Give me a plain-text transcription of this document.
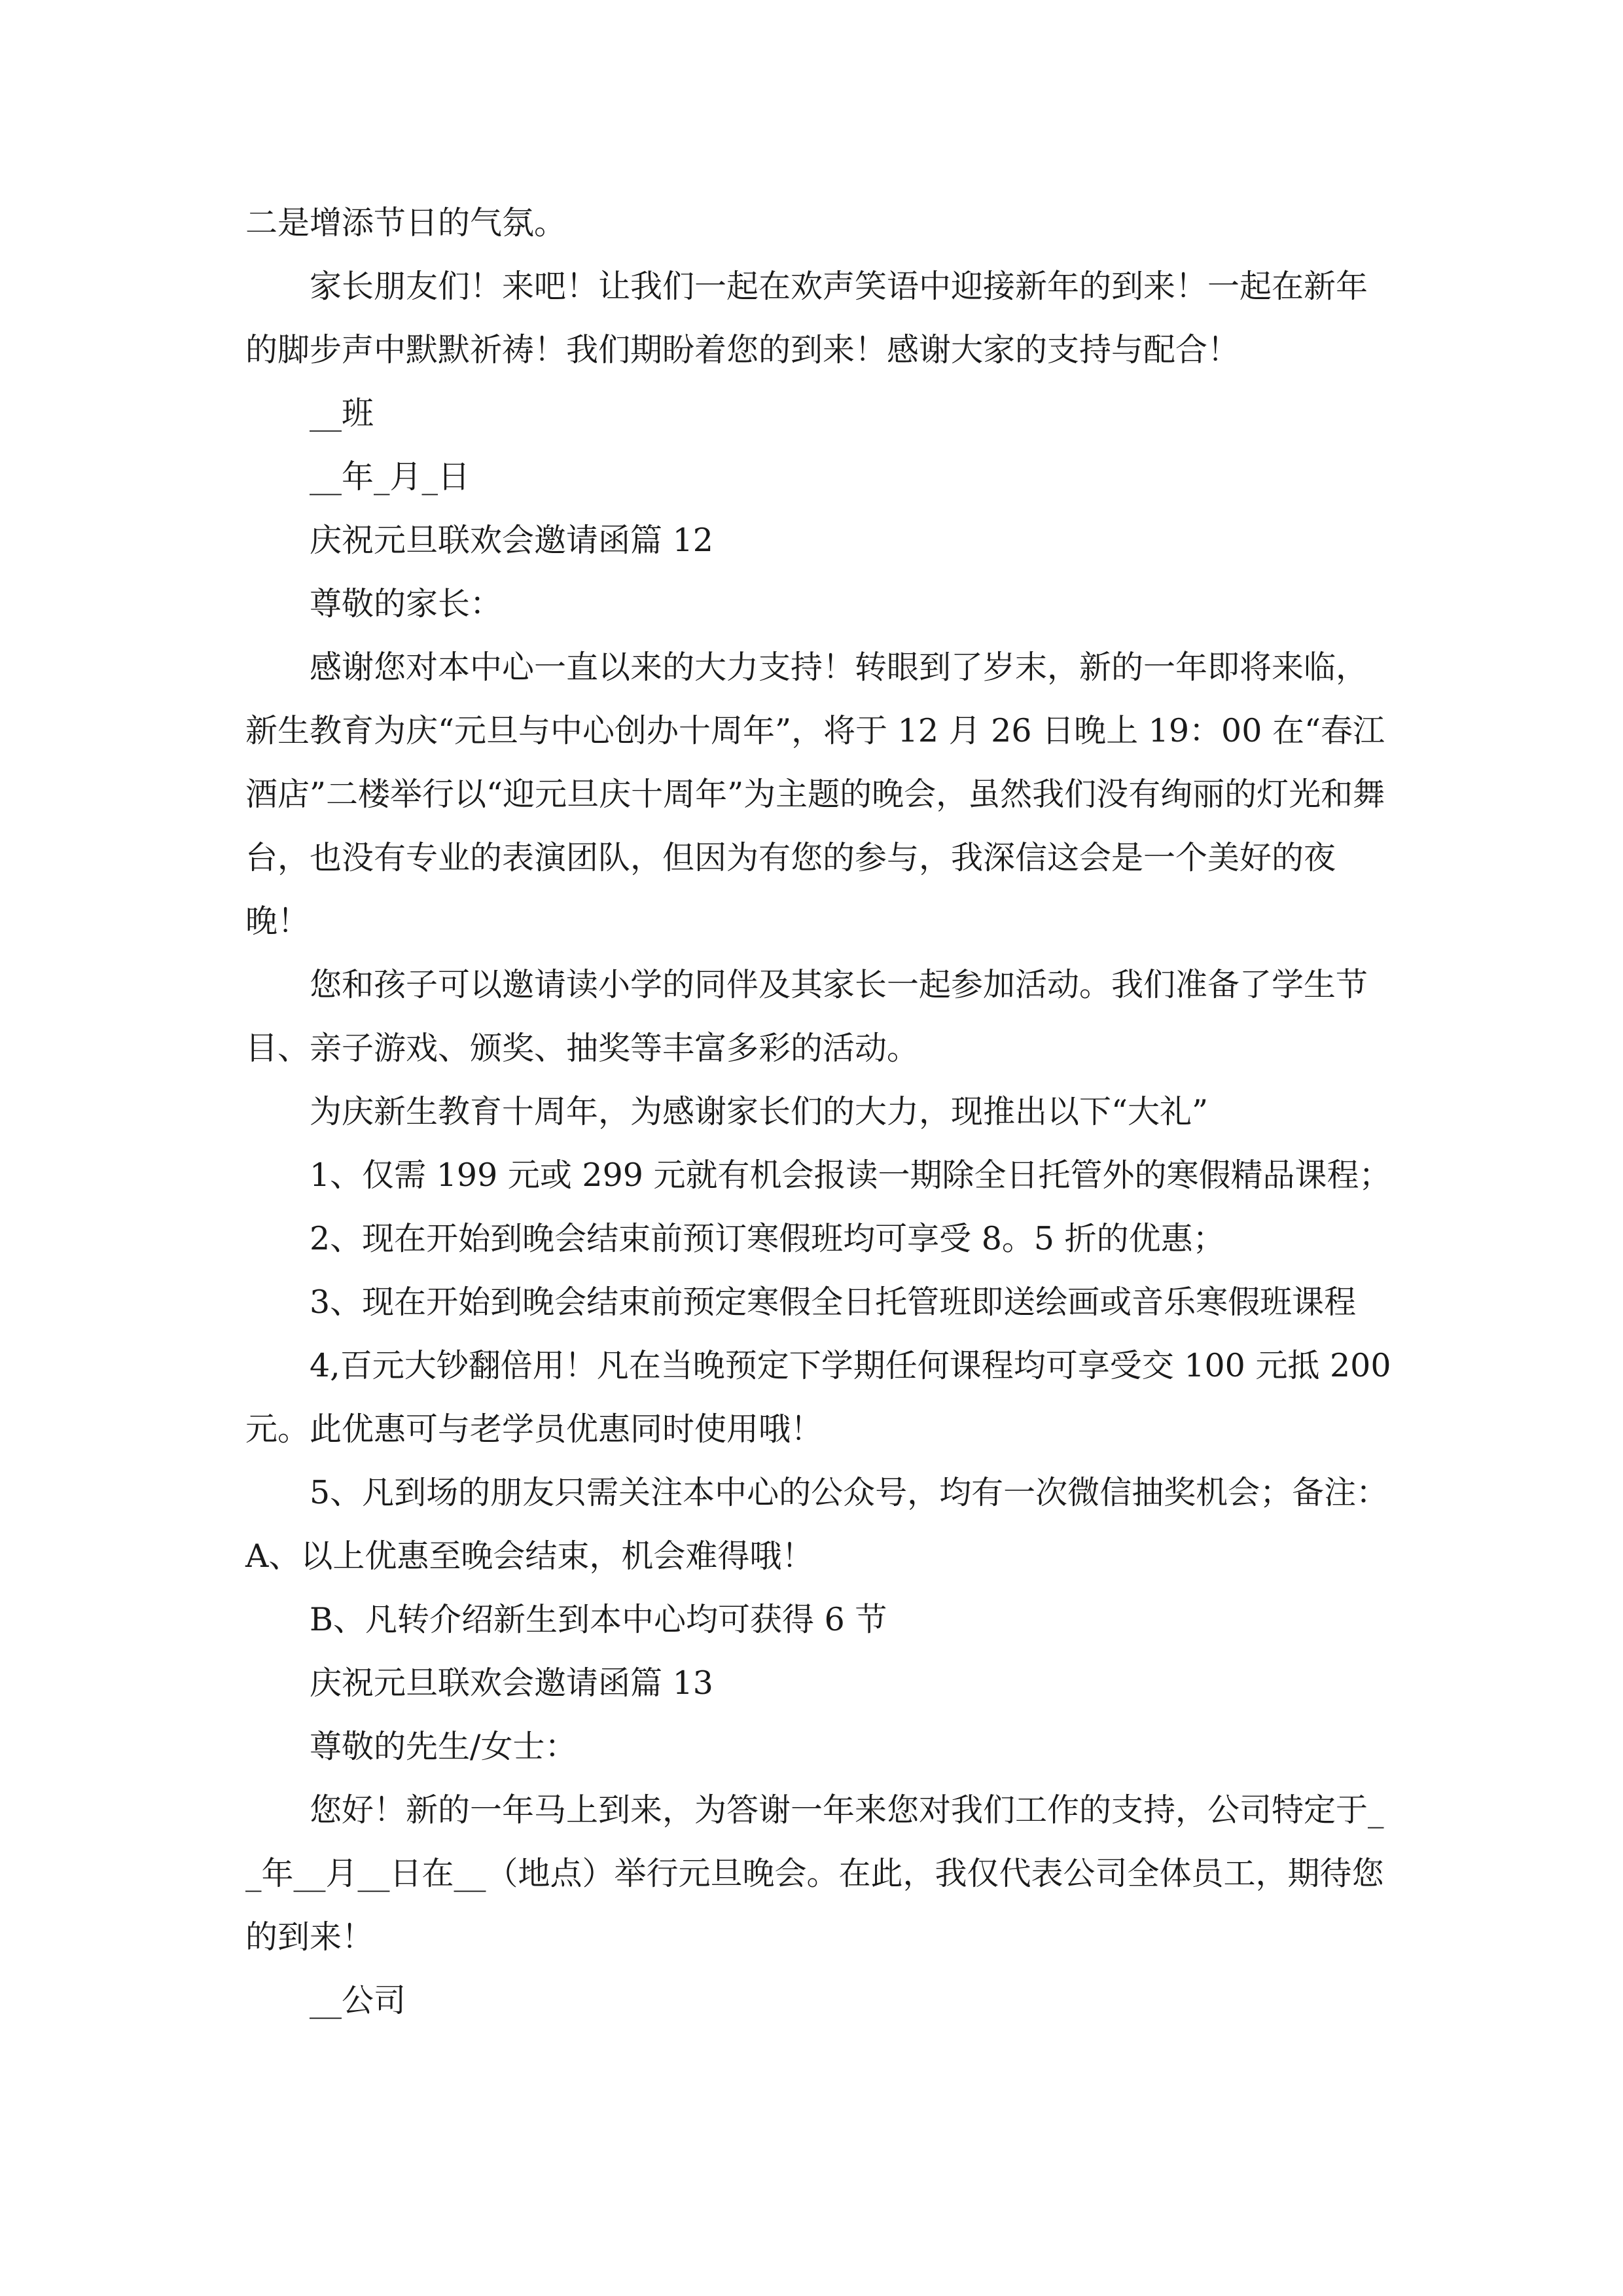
二是增添节日的气氛。

家长朋友们！来吧！让我们一起在欢声笑语中迎接新年的到来！一起在新年的脚步声中默默祈祷！我们期盼着您的到来！感谢大家的支持与配合！

__班

__年_月_日

庆祝元旦联欢会邀请函篇 12

尊敬的家长：

感谢您对本中心一直以来的大力支持！转眼到了岁末，新的一年即将来临，新生教育为庆“元旦与中心创办十周年”，将于 12 月 26 日晚上 19：00 在“春江酒店”二楼举行以“迎元旦庆十周年”为主题的晚会，虽然我们没有绚丽的灯光和舞台，也没有专业的表演团队，但因为有您的参与，我深信这会是一个美好的夜晚！

您和孩子可以邀请读小学的同伴及其家长一起参加活动。我们准备了学生节目、亲子游戏、颁奖、抽奖等丰富多彩的活动。

为庆新生教育十周年，为感谢家长们的大力，现推出以下“大礼”

1、仅需 199 元或 299 元就有机会报读一期除全日托管外的寒假精品课程；

2、现在开始到晚会结束前预订寒假班均可享受 8。5 折的优惠；

3、现在开始到晚会结束前预定寒假全日托管班即送绘画或音乐寒假班课程

4,百元大钞翻倍用！凡在当晚预定下学期任何课程均可享受交 100 元抵 200 元。此优惠可与老学员优惠同时使用哦！

5、凡到场的朋友只需关注本中心的公众号，均有一次微信抽奖机会；备注：A、以上优惠至晚会结束，机会难得哦！

B、凡转介绍新生到本中心均可获得 6 节

庆祝元旦联欢会邀请函篇 13

尊敬的先生/女士：

您好！新的一年马上到来，为答谢一年来您对我们工作的支持，公司特定于__年__月__日在__（地点）举行元旦晚会。在此，我仅代表公司全体员工，期待您的到来！

__公司
